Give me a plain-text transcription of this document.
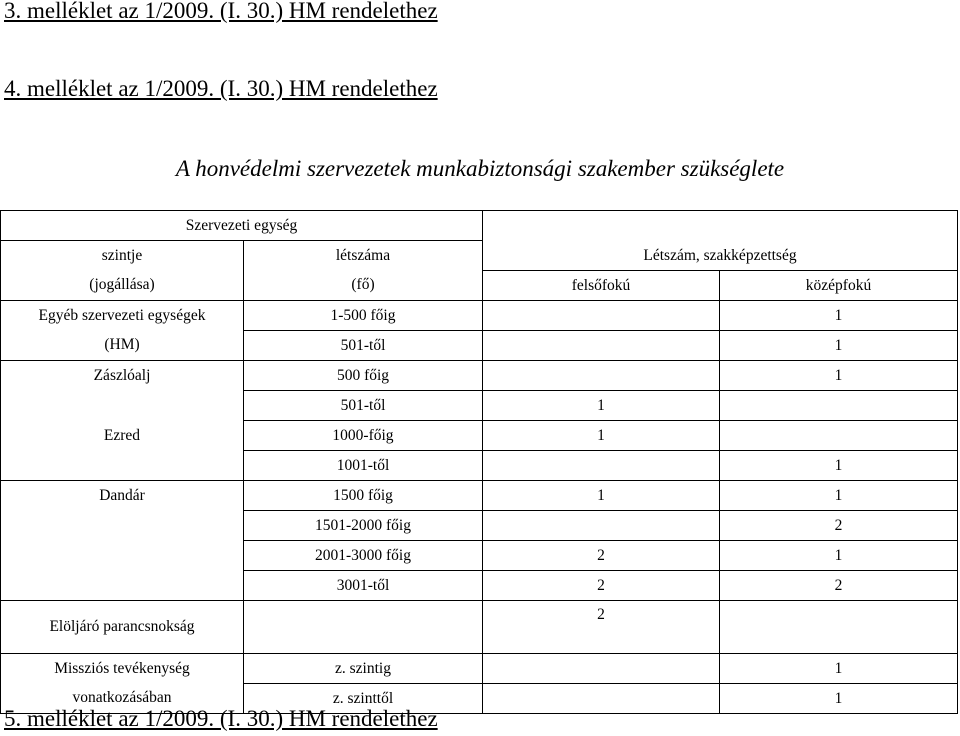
3. melléklet az 1/2009. (I. 30.) HM rendelethez
4. melléklet az 1/2009. (I. 30.) HM rendelethez
A honvédelmi szervezetek munkabiztonsági szakember szükséglete
Szervezeti egység			
szintje	létszáma	Létszám, szakképzettség	
(jogállása)	(fő)	felsőfokú	középfokú
Egyéb szervezeti egységek	1-500 főig		1
(HM)	501-től		1
Zászlóalj	500 főig		1
	501-től	1	
Ezred	1000-főig	1	
	1001-től		1
Dandár	1500 főig	1	1
	1501-2000 főig		2
	2001-3000 főig	2	1
	3001-től	2	2
Elöljáró parancsnokság		2	
Missziós tevékenység	z. szintig		1
vonatkozásában	z. szinttől		1
5. melléklet az 1/2009. (I. 30.) HM rendelethez
